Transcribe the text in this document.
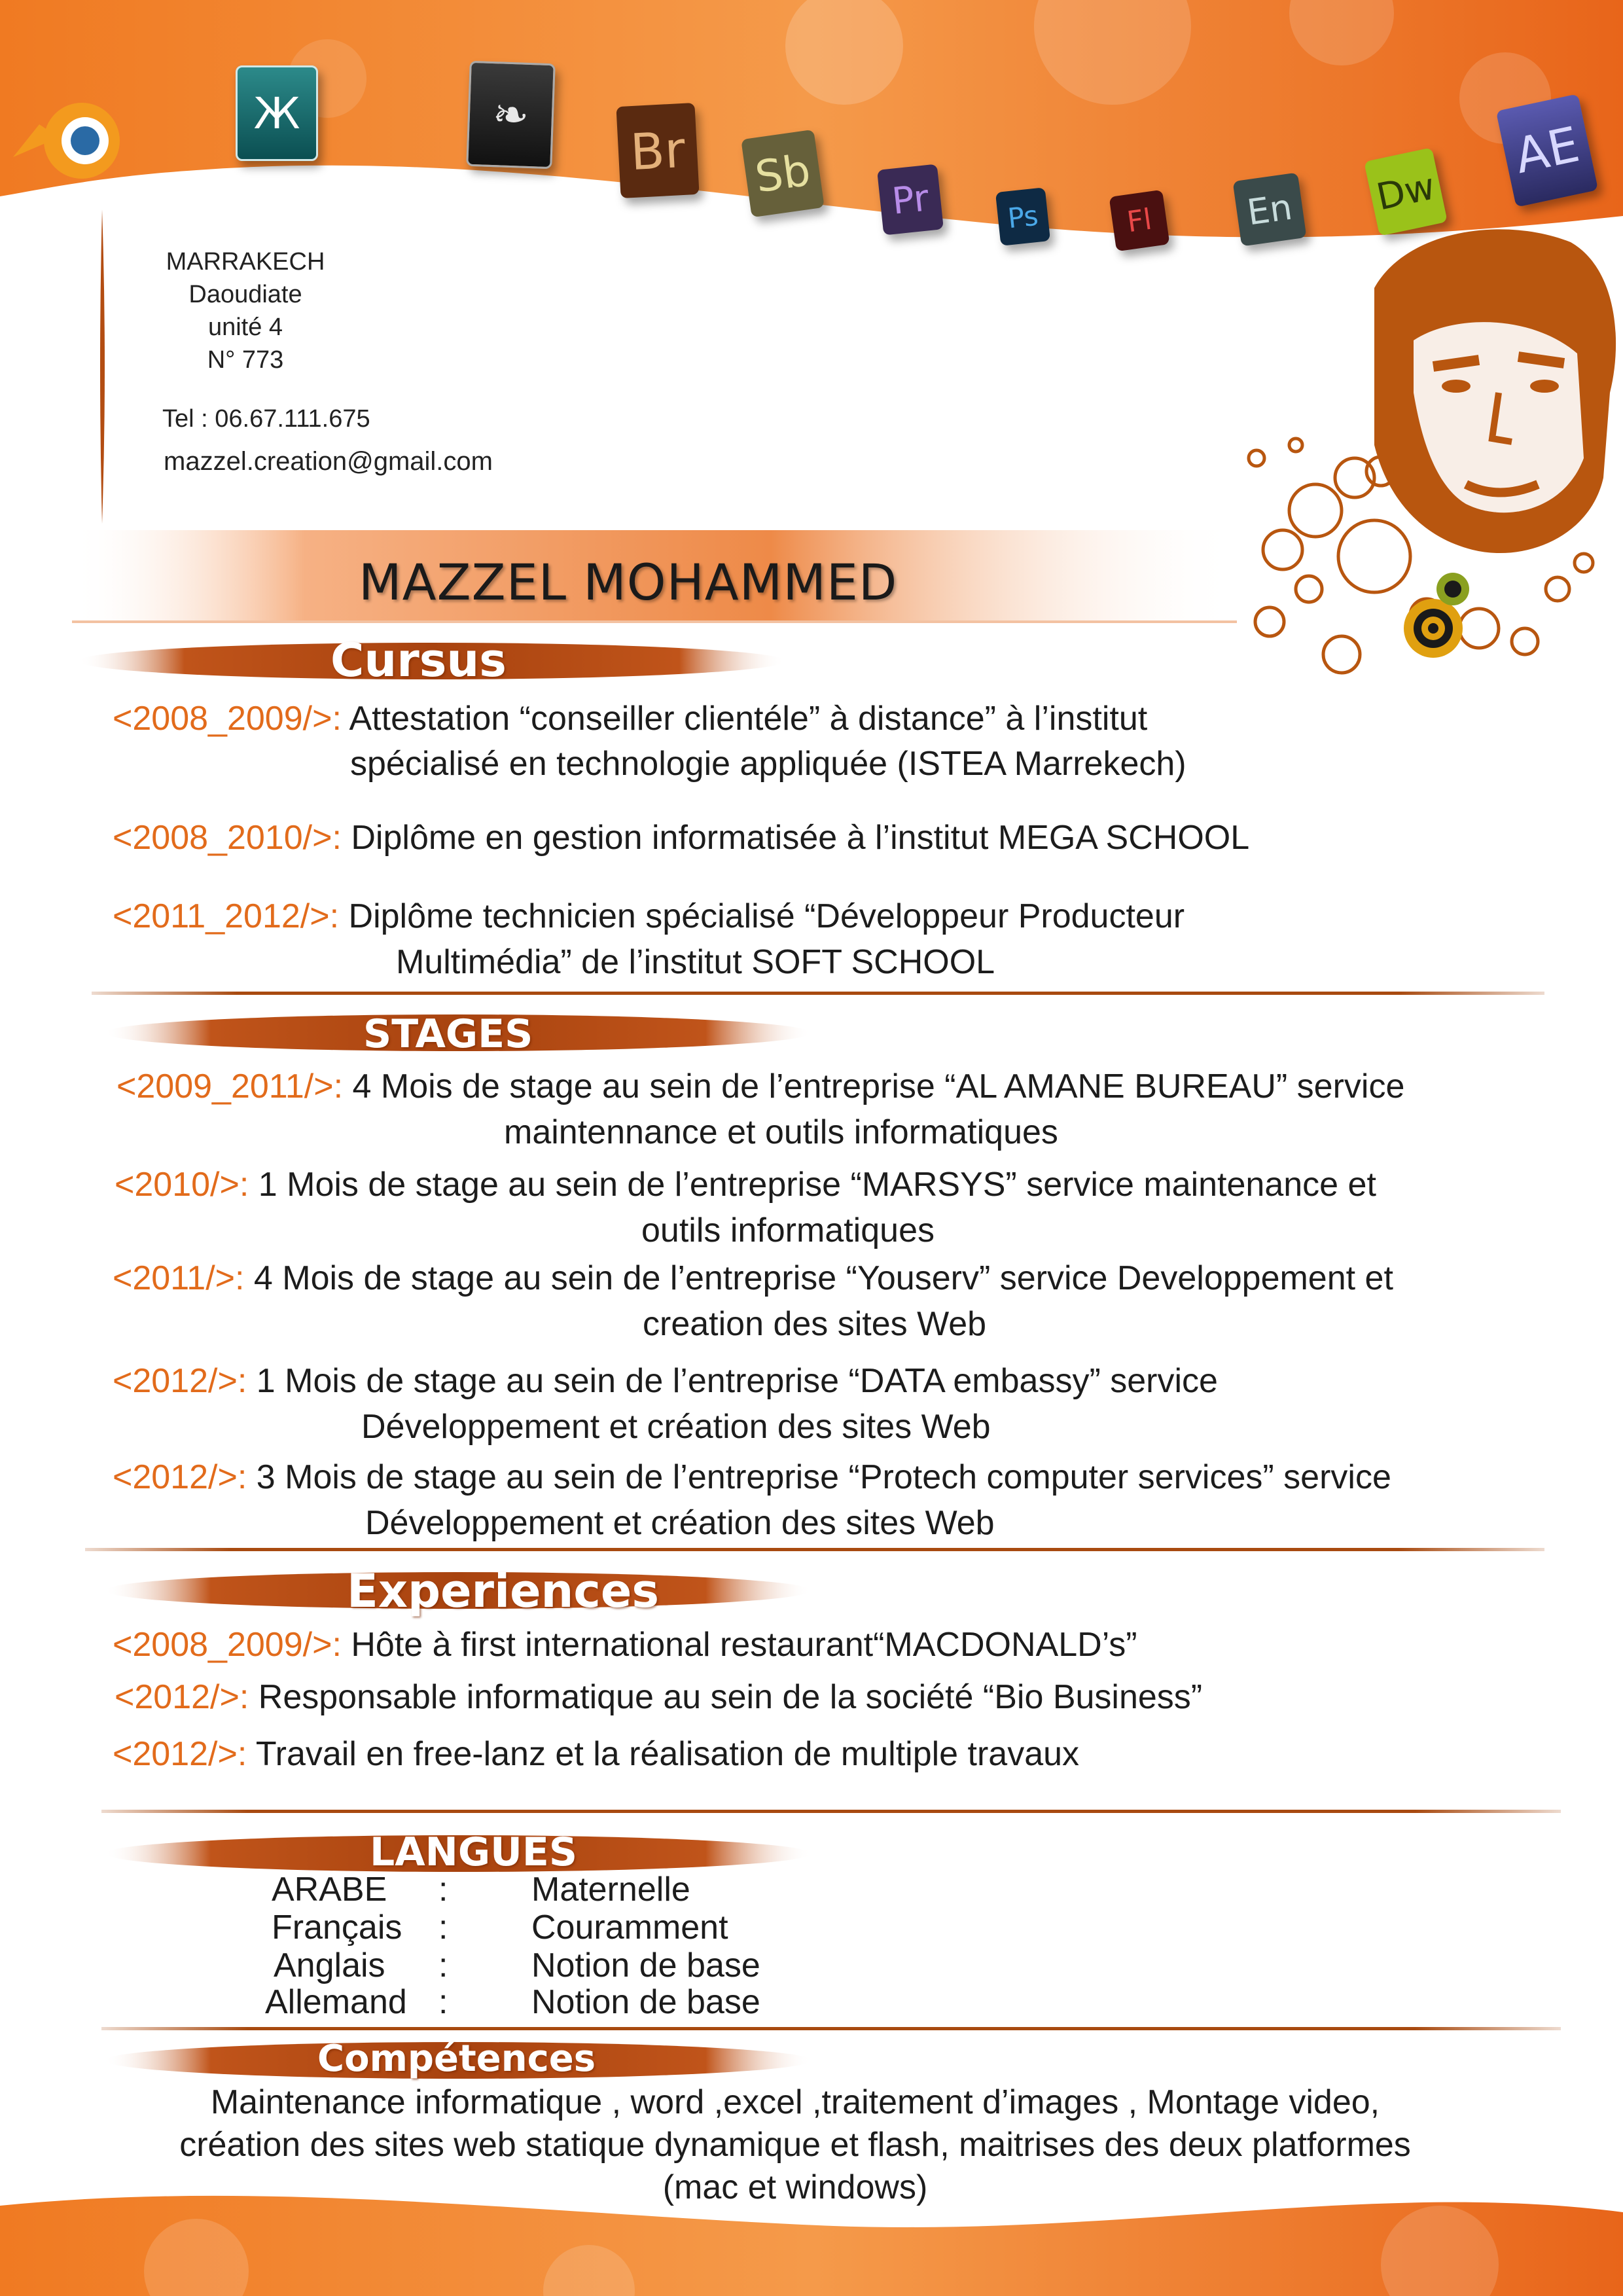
Ж	❧
Br Sb	Pr	Ps	Fl	En	Dw
AE
MARRAKECH
Daoudiate
unité 4
N° 773
Tel : 06.67.111.675
mazzel.creation@gmail.com
MAZZEL MOHAMMED
Cursus
<2008_2009/>: Attestation “conseiller clientéle” à distance” à l’institut
spécialisé en technologie appliquée (ISTEA Marrekech)
<2008_2010/>: Diplôme en gestion informatisée à l’institut MEGA SCHOOL
<2011_2012/>: Diplôme technicien spécialisé “Développeur Producteur
Multimédia” de l’institut SOFT SCHOOL
STAGES
<2009_2011/>: 4 Mois de stage au sein de l’entreprise “AL AMANE BUREAU” service
maintennance et outils informatiques
<2010/>: 1 Mois de stage au sein de l’entreprise “MARSYS” service maintenance et
outils informatiques
<2011/>: 4 Mois de stage au sein de l’entreprise “Youserv” service Developpement et
creation des sites Web
<2012/>: 1 Mois de stage au sein de l’entreprise “DATA embassy” service
Développement et création des sites Web
<2012/>: 3 Mois de stage au sein de l’entreprise “Protech computer services” service
Développement et création des sites Web
Experiences
<2008_2009/>: Hôte à first international restaurant“MACDONALD’s”
<2012/>: Responsable informatique au sein de la société “Bio Business”
<2012/>: Travail en free-lanz et la réalisation de multiple travaux
LANGUES
ARABE : Maternelle
Français : Couramment
Anglais : Notion de base
Allemand : Notion de base
Compétences
Maintenance informatique , word ,excel ,traitement d’images , Montage video,
création des sites web statique dynamique et flash, maitrises des deux platformes
(mac et windows)
